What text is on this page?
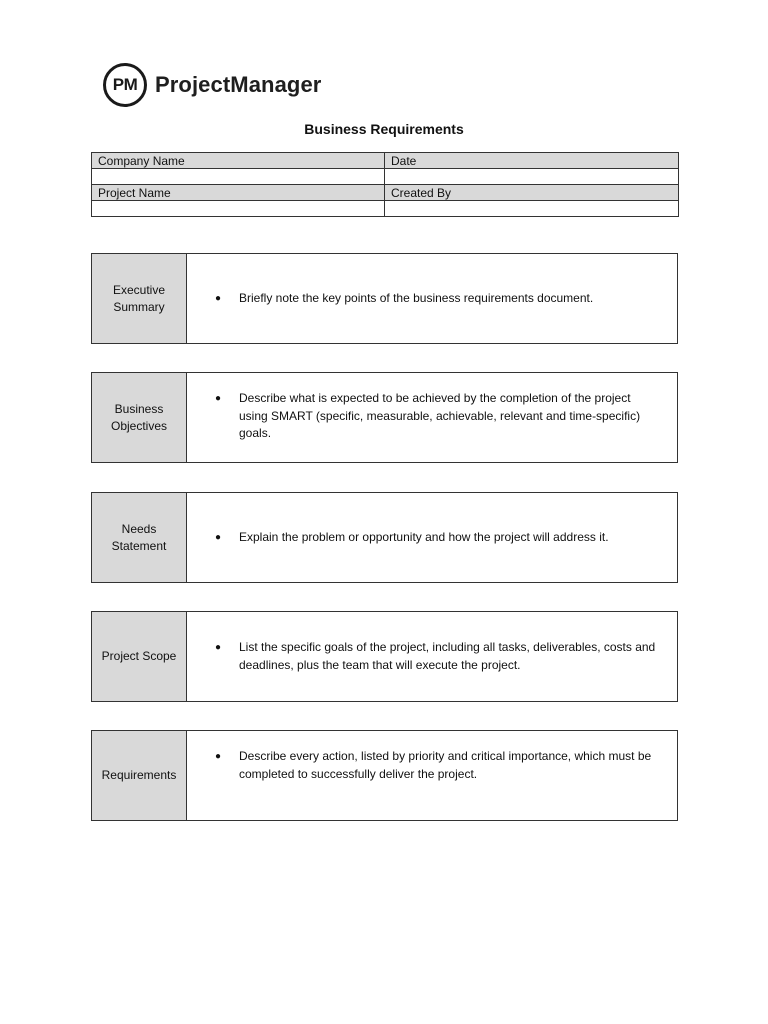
PM ProjectManager
Business Requirements
Company Name	Date

Project Name	Created By

Executive Summary
●	Briefly note the key points of the business requirements document.
Business Objectives
●	Describe what is expected to be achieved by the completion of the project using SMART (specific, measurable, achievable, relevant and time-specific) goals.
Needs Statement
●	Explain the problem or opportunity and how the project will address it.
Project Scope
●	List the specific goals of the project, including all tasks, deliverables, costs and deadlines, plus the team that will execute the project.
Requirements
●	Describe every action, listed by priority and critical importance, which must be completed to successfully deliver the project.
